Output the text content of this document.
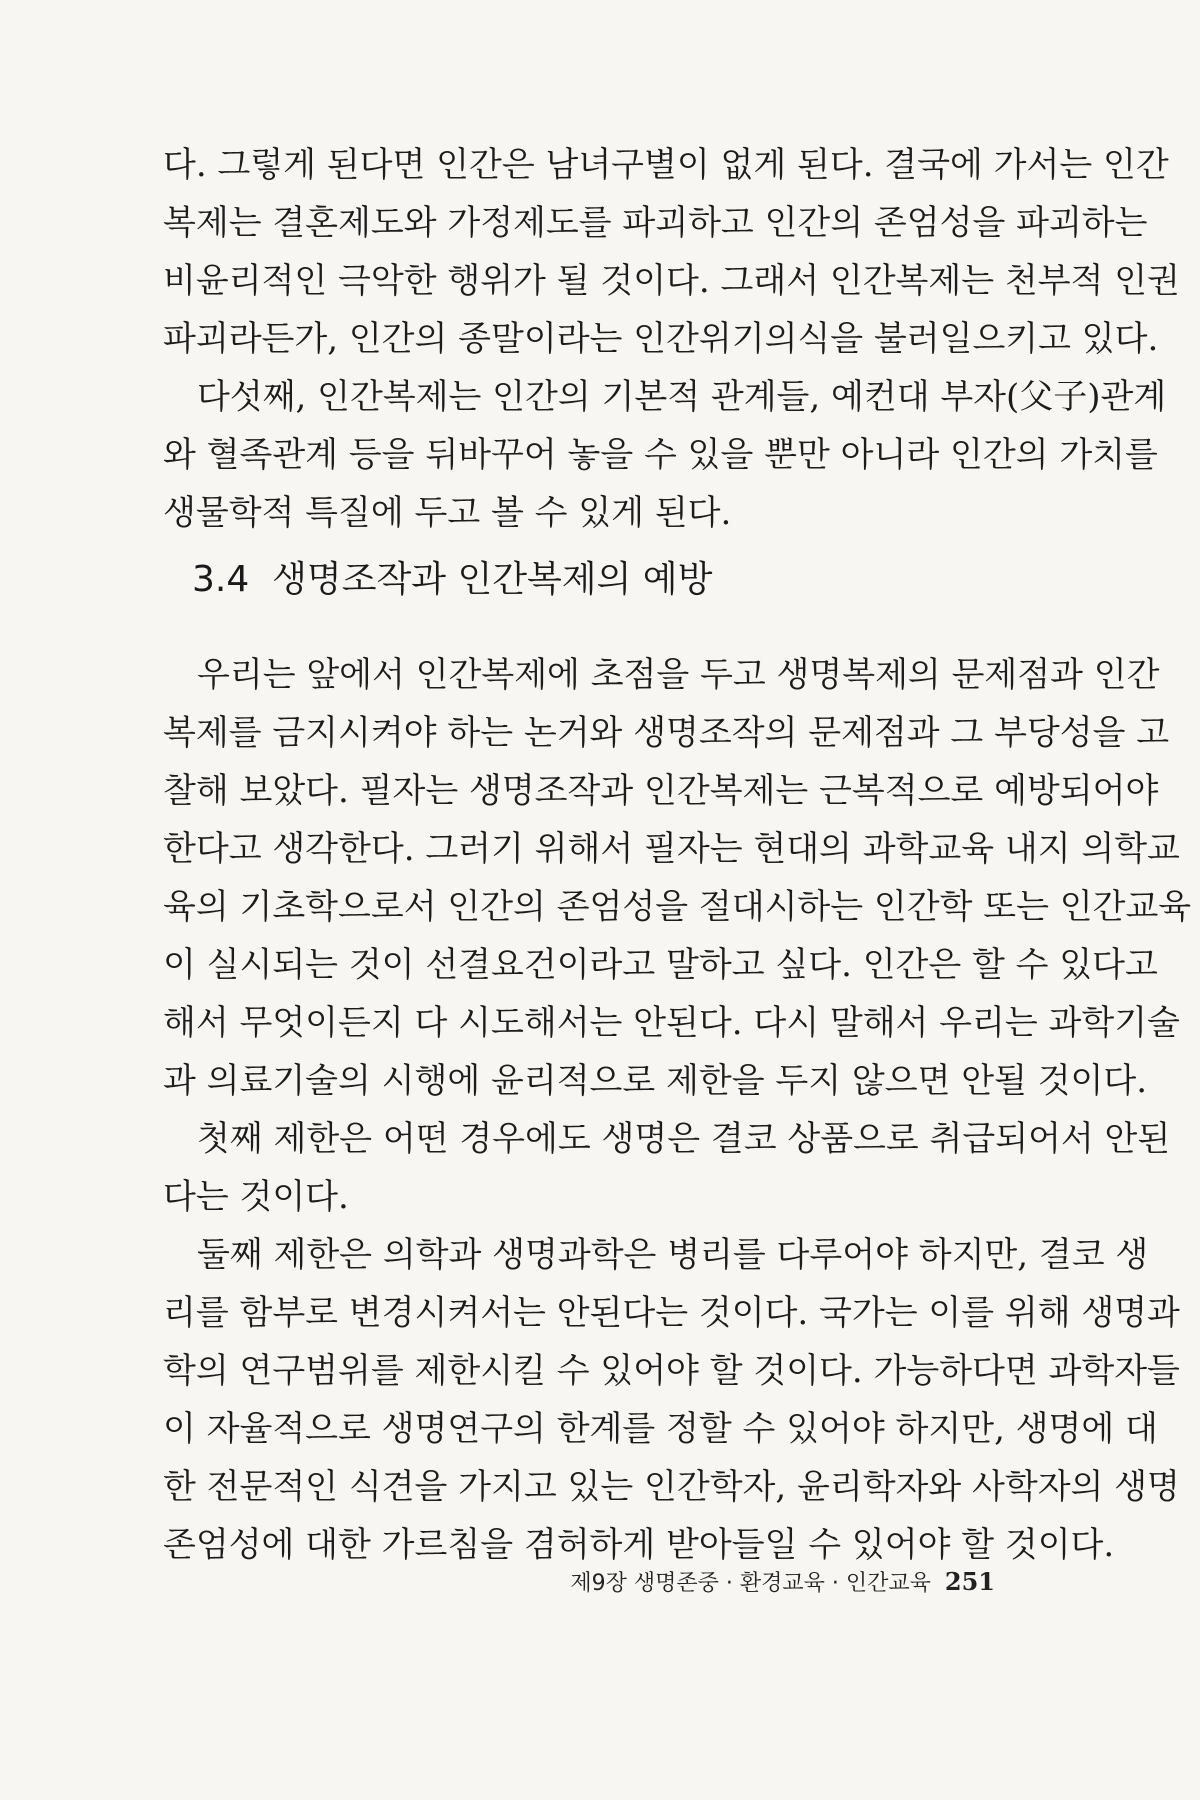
다. 그렇게 된다면 인간은 남녀구별이 없게 된다. 결국에 가서는 인간
복제는 결혼제도와 가정제도를 파괴하고 인간의 존엄성을 파괴하는
비윤리적인 극악한 행위가 될 것이다. 그래서 인간복제는 천부적 인권
파괴라든가, 인간의 종말이라는 인간위기의식을 불러일으키고 있다.
다섯째, 인간복제는 인간의 기본적 관계들, 예컨대 부자(父子)관계
와 혈족관계 등을 뒤바꾸어 놓을 수 있을 뿐만 아니라 인간의 가치를
생물학적 특질에 두고 볼 수 있게 된다.
3.4 생명조작과 인간복제의 예방
우리는 앞에서 인간복제에 초점을 두고 생명복제의 문제점과 인간
복제를 금지시켜야 하는 논거와 생명조작의 문제점과 그 부당성을 고
찰해 보았다. 필자는 생명조작과 인간복제는 근복적으로 예방되어야
한다고 생각한다. 그러기 위해서 필자는 현대의 과학교육 내지 의학교
육의 기초학으로서 인간의 존엄성을 절대시하는 인간학 또는 인간교육
이 실시되는 것이 선결요건이라고 말하고 싶다. 인간은 할 수 있다고
해서 무엇이든지 다 시도해서는 안된다. 다시 말해서 우리는 과학기술
과 의료기술의 시행에 윤리적으로 제한을 두지 않으면 안될 것이다.
첫째 제한은 어떤 경우에도 생명은 결코 상품으로 취급되어서 안된
다는 것이다.
둘째 제한은 의학과 생명과학은 병리를 다루어야 하지만, 결코 생
리를 함부로 변경시켜서는 안된다는 것이다. 국가는 이를 위해 생명과
학의 연구범위를 제한시킬 수 있어야 할 것이다. 가능하다면 과학자들
이 자율적으로 생명연구의 한계를 정할 수 있어야 하지만, 생명에 대
한 전문적인 식견을 가지고 있는 인간학자, 윤리학자와 사학자의 생명
존엄성에 대한 가르침을 겸허하게 받아들일 수 있어야 할 것이다.
제9장 생명존중 · 환경교육 · 인간교육 251
